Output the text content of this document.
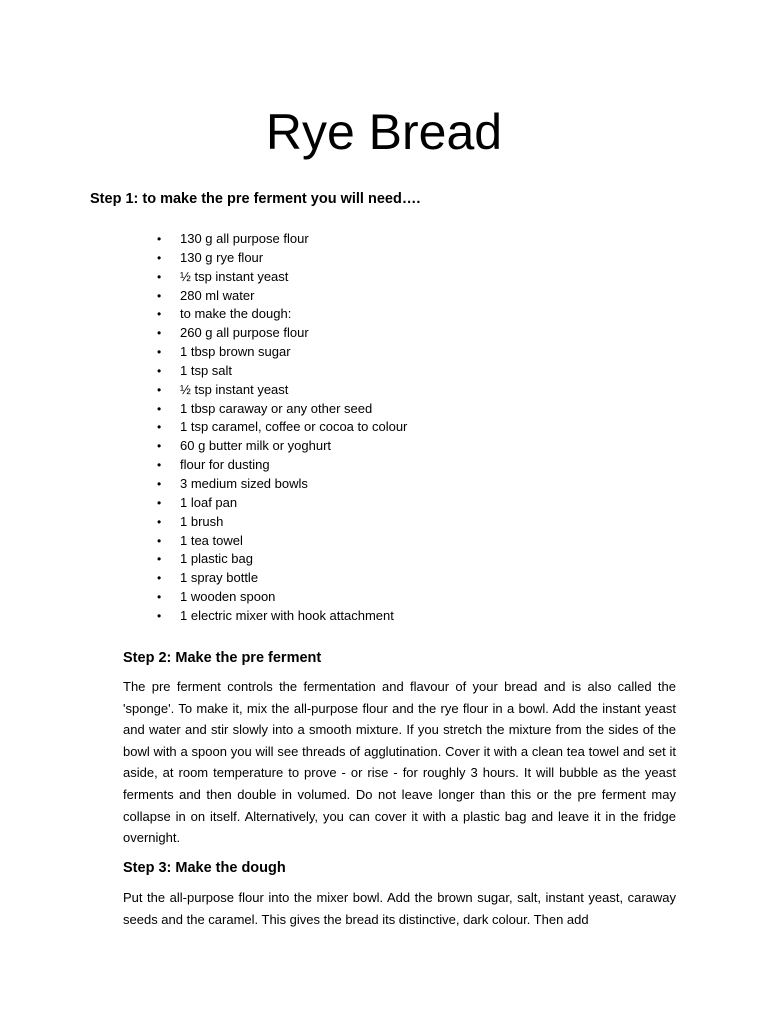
Rye Bread
Step 1: to make the pre ferment you will need….
• 130 g all purpose flour
• 130 g rye flour
• ½ tsp instant yeast
• 280 ml water
• to make the dough:
• 260 g all purpose flour
• 1 tbsp brown sugar
• 1 tsp salt
• ½ tsp instant yeast
• 1 tbsp caraway or any other seed
• 1 tsp caramel, coffee or cocoa to colour
• 60 g butter milk or yoghurt
• flour for dusting
• 3 medium sized bowls
• 1 loaf pan
• 1 brush
• 1 tea towel
• 1 plastic bag
• 1 spray bottle
• 1 wooden spoon
• 1 electric mixer with hook attachment
Step 2: Make the pre ferment

The pre ferment controls the fermentation and flavour of your bread and is also called the 'sponge'. To make it, mix the all-purpose flour and the rye flour in a bowl. Add the instant yeast and water and stir slowly into a smooth mixture. If you stretch the mixture from the sides of the bowl with a spoon you will see threads of agglutination. Cover it with a clean tea towel and set it aside, at room temperature to prove - or rise - for roughly 3 hours. It will bubble as the yeast ferments and then double in volumed. Do not leave longer than this or the pre ferment may collapse in on itself. Alternatively, you can cover it with a plastic bag and leave it in the fridge overnight.

Step 3: Make the dough

Put the all-purpose flour into the mixer bowl. Add the brown sugar, salt, instant yeast, caraway seeds and the caramel. This gives the bread its distinctive, dark colour. Then add
